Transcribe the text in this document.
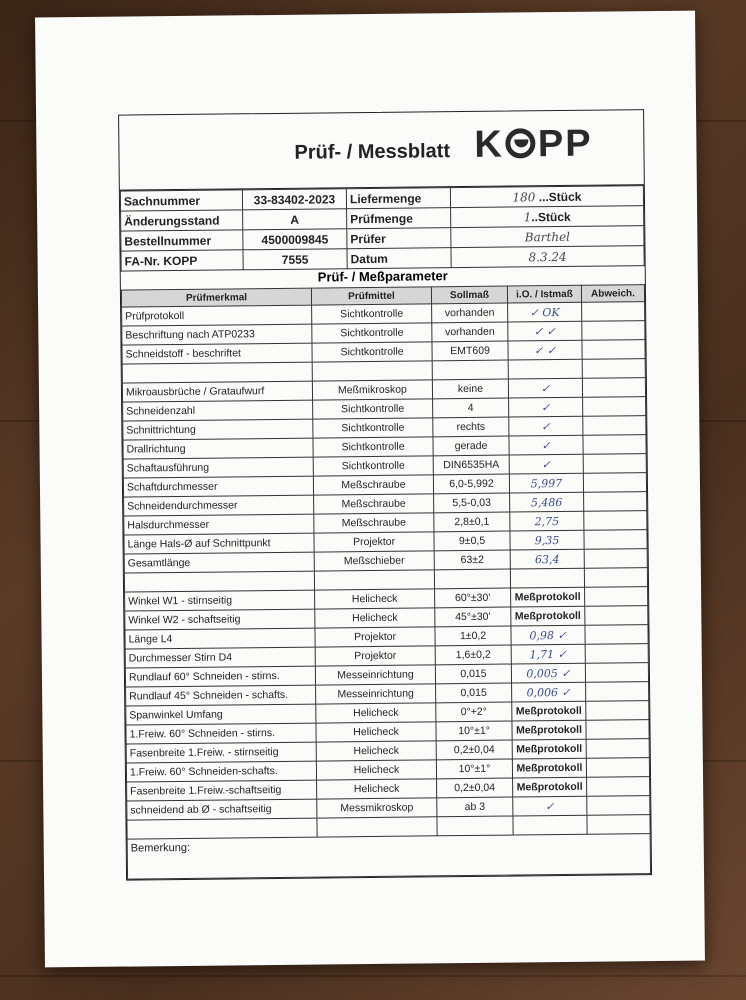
Prüf- / Messblatt K PP
Sachnummer	33-83402-2023	Liefermenge	180 ...Stück
Änderungsstand	A	Prüfmenge	1..Stück
Bestellnummer	4500009845	Prüfer	Barthel
FA-Nr. KOPP	7555	Datum	8.3.24
Prüf- / Meßparameter
Prüfmerkmal	Prüfmittel	Sollmaß	i.O. / Istmaß	Abweich.
Prüfprotokoll	Sichtkontrolle	vorhanden	✓ OK	
Beschriftung nach ATP0233	Sichtkontrolle	vorhanden	✓ ✓	
Schneidstoff - beschriftet	Sichtkontrolle	EMT609	✓ ✓	

Mikroausbrüche / Grataufwurf	Meßmikroskop	keine	✓	
Schneidenzahl	Sichtkontrolle	4	✓	
Schnittrichtung	Sichtkontrolle	rechts	✓	
Drallrichtung	Sichtkontrolle	gerade	✓	
Schaftausführung	Sichtkontrolle	DIN6535HA	✓	
Schaftdurchmesser	Meßschraube	6,0-5,992	5,997	
Schneidendurchmesser	Meßschraube	5,5-0,03	5,486	
Halsdurchmesser	Meßschraube	2,8±0,1	2,75	
Länge Hals-Ø auf Schnittpunkt	Projektor	9±0,5	9,35	
Gesamtlänge	Meßschieber	63±2	63,4	

Winkel W1 - stirnseitig	Helicheck	60°±30'	Meßprotokoll	
Winkel W2 - schaftseitig	Helicheck	45°±30'	Meßprotokoll	
Länge L4	Projektor	1±0,2	0,98 ✓	
Durchmesser Stirn D4	Projektor	1,6±0,2	1,71 ✓	
Rundlauf 60° Schneiden - stirns.	Messeinrichtung	0,015	0,005 ✓	
Rundlauf 45° Schneiden - schafts.	Messeinrichtung	0,015	0,006 ✓	
Spanwinkel Umfang	Helicheck	0°+2°	Meßprotokoll	
1.Freiw. 60° Schneiden - stirns.	Helicheck	10°±1°	Meßprotokoll	
Fasenbreite 1.Freiw. - stirnseitig	Helicheck	0,2±0,04	Meßprotokoll	
1.Freiw. 60° Schneiden-schafts.	Helicheck	10°±1°	Meßprotokoll	
Fasenbreite 1.Freiw.-schaftseitig	Helicheck	0,2±0,04	Meßprotokoll	
schneidend ab Ø - schaftseitig	Messmikroskop	ab 3	✓	

Bemerkung:				
